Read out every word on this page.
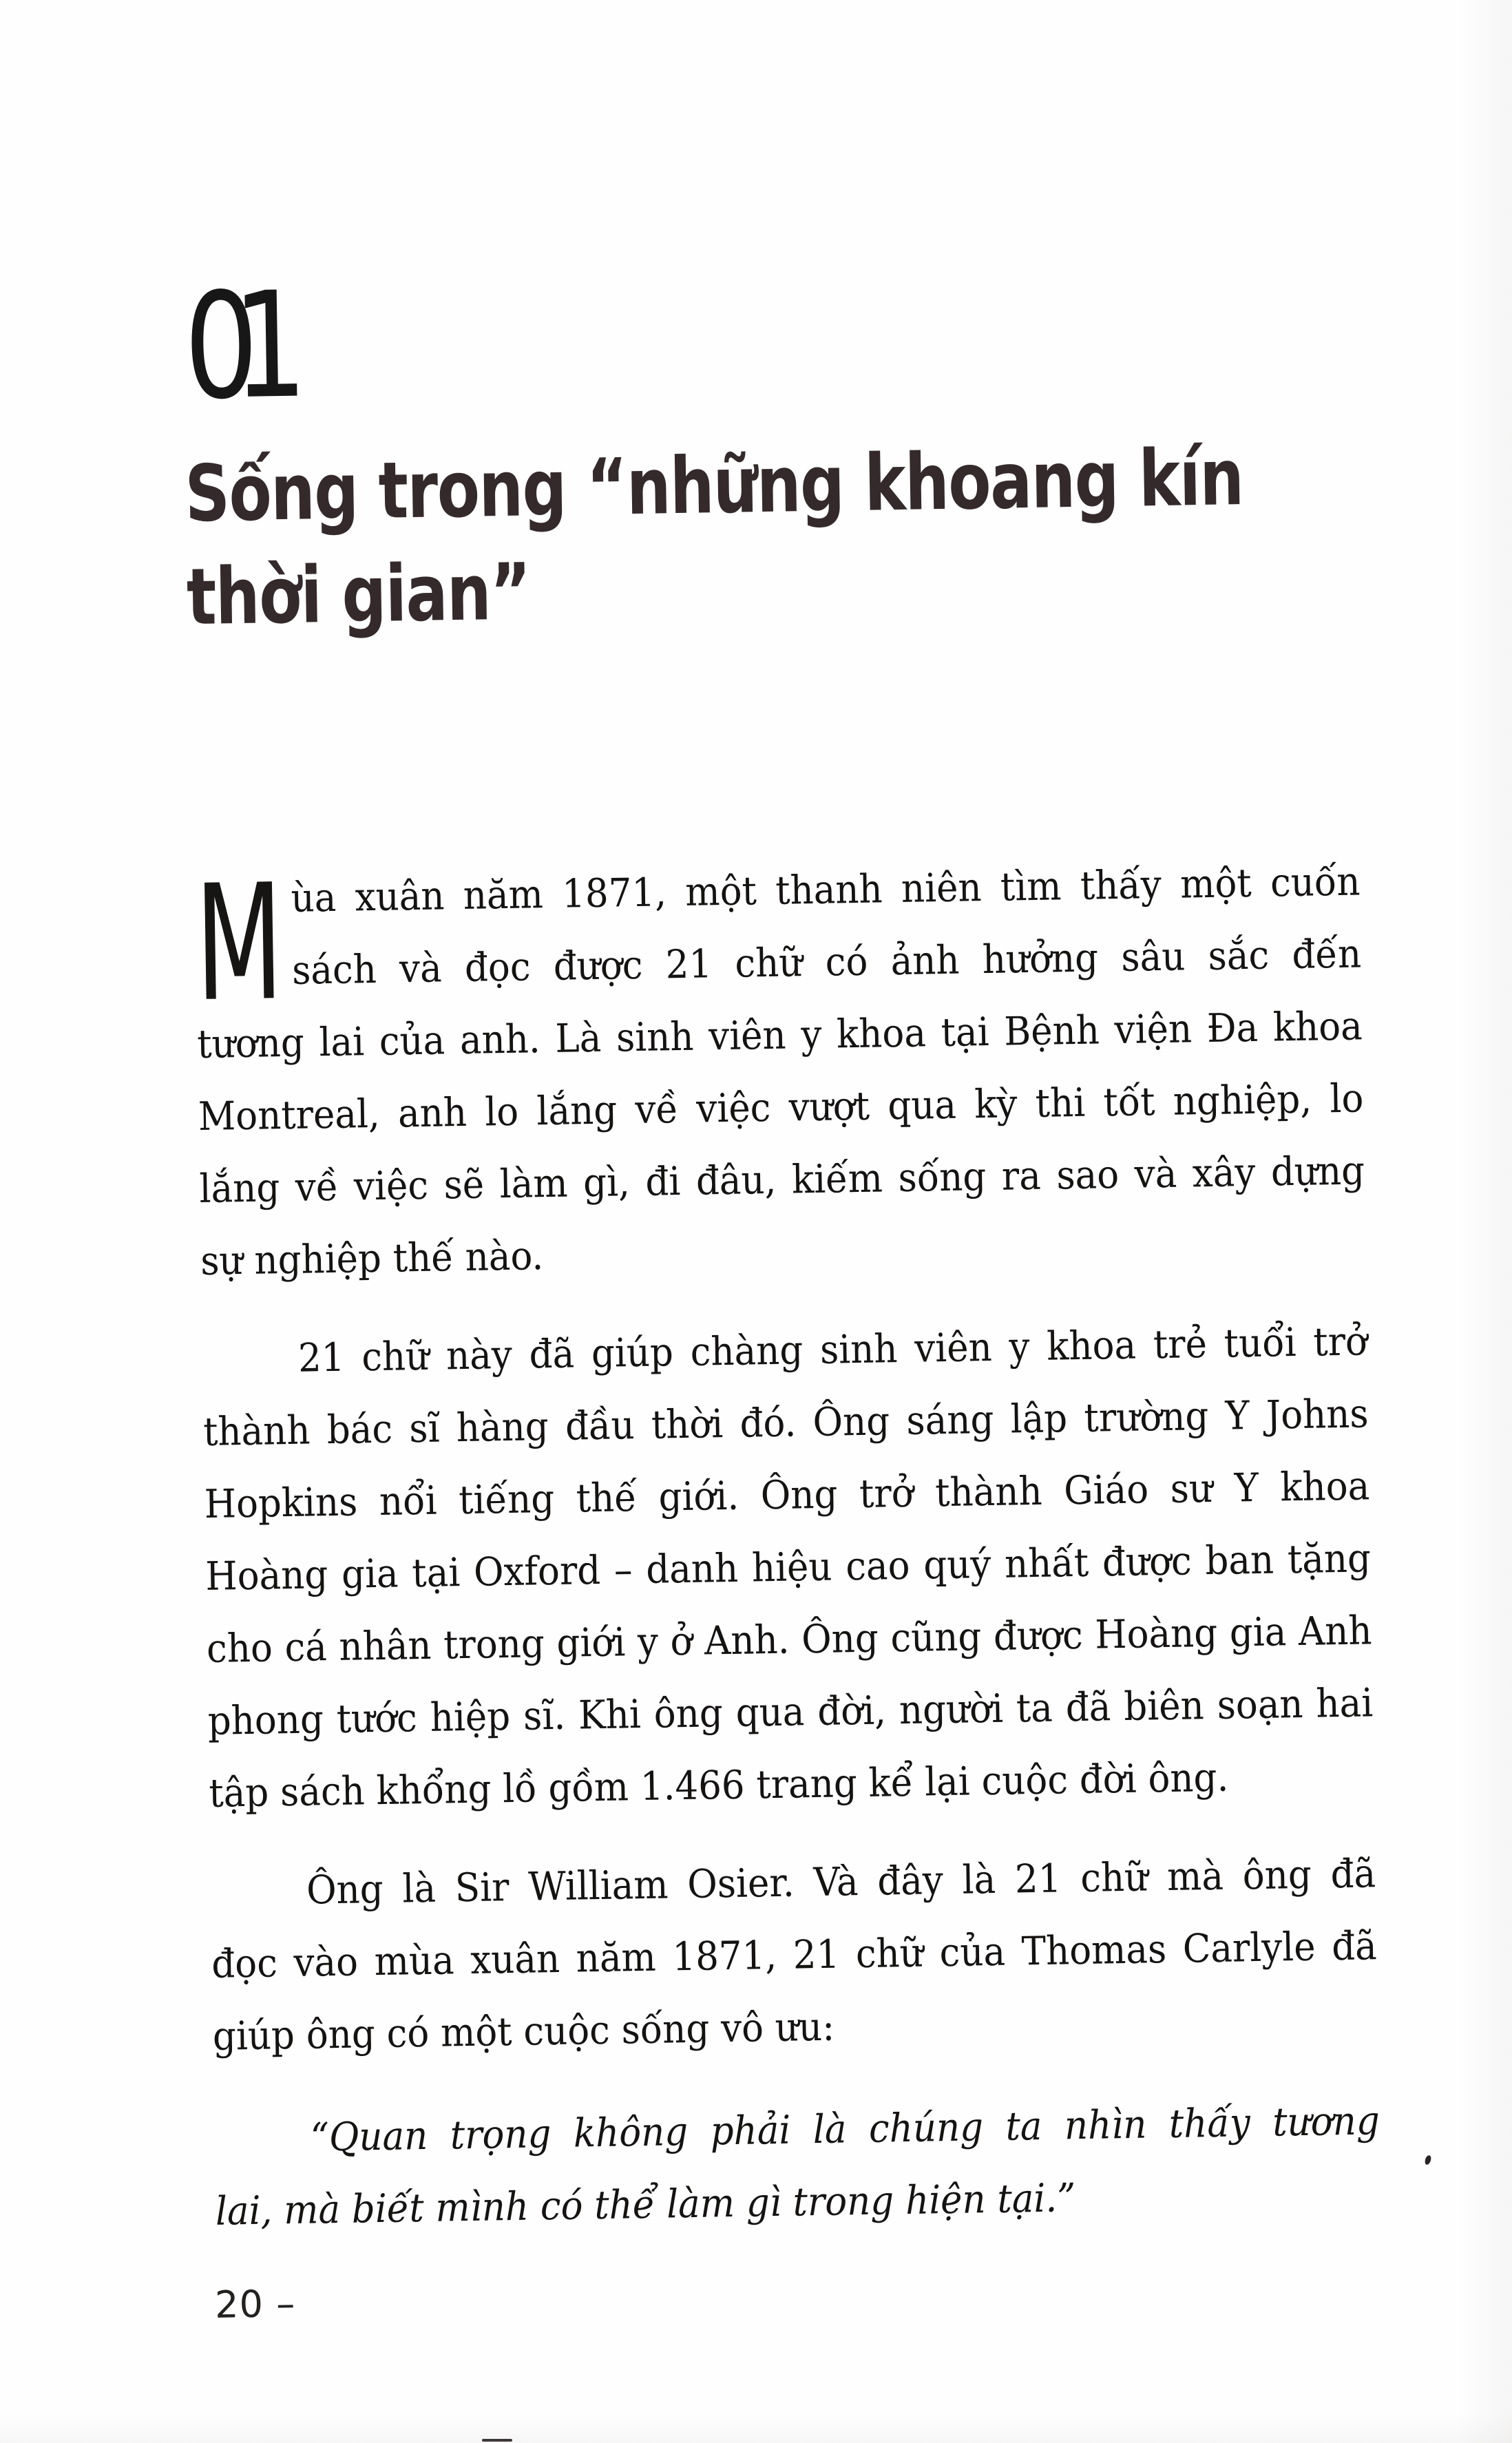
01
Sống trong “những khoang kín
thời gian”
M ùa xuân năm 1871, một thanh niên tìm thấy một cuốn
sách và đọc được 21 chữ có ảnh hưởng sâu sắc đến
tương lai của anh. Là sinh viên y khoa tại Bệnh viện Đa khoa
Montreal, anh lo lắng về việc vượt qua kỳ thi tốt nghiệp, lo
lắng về việc sẽ làm gì, đi đâu, kiếm sống ra sao và xây dựng
sự nghiệp thế nào.
21 chữ này đã giúp chàng sinh viên y khoa trẻ tuổi trở
thành bác sĩ hàng đầu thời đó. Ông sáng lập trường Y Johns
Hopkins nổi tiếng thế giới. Ông trở thành Giáo sư Y khoa
Hoàng gia tại Oxford – danh hiệu cao quý nhất được ban tặng
cho cá nhân trong giới y ở Anh. Ông cũng được Hoàng gia Anh
phong tước hiệp sĩ. Khi ông qua đời, người ta đã biên soạn hai
tập sách khổng lồ gồm 1.466 trang kể lại cuộc đời ông.
Ông là Sir William Osier. Và đây là 21 chữ mà ông đã
đọc vào mùa xuân năm 1871, 21 chữ của Thomas Carlyle đã
giúp ông có một cuộc sống vô ưu:
“Quan trọng không phải là chúng ta nhìn thấy tương
lai, mà biết mình có thể làm gì trong hiện tại.”
20 –
